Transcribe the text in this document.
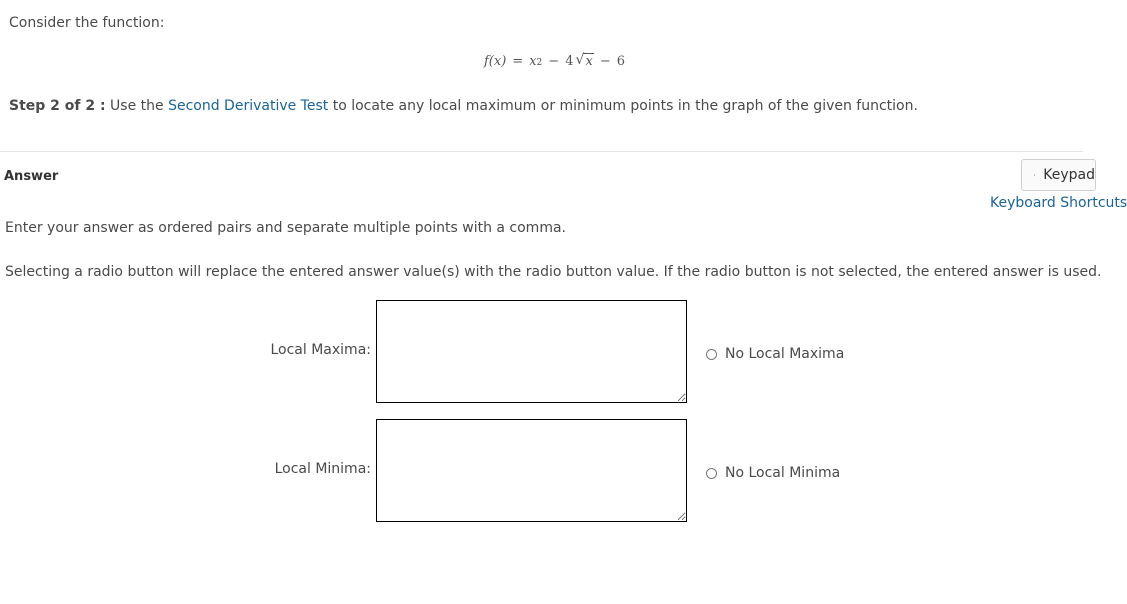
Consider the function:
f(x) = x 2 − 4 √ x − 6
Step 2 of 2 : Use the Second Derivative Test to locate any local maximum or minimum points in the graph of the given function.
Answer	Keypad
Keyboard Shortcuts
Enter your answer as ordered pairs and separate multiple points with a comma.
Selecting a radio button will replace the entered answer value(s) with the radio button value. If the radio button is not selected, the entered answer is used.
Local Maxima:	No Local Maxima
Local Minima:	No Local Minima
